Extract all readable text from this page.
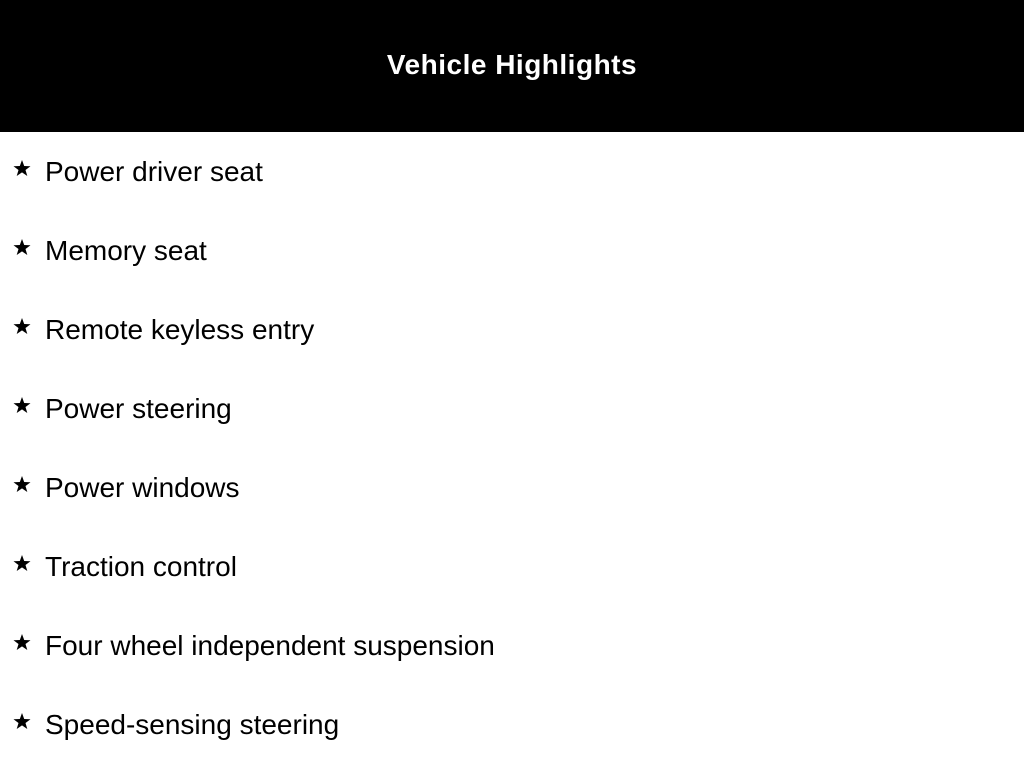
Vehicle Highlights
Power driver seat
Memory seat
Remote keyless entry
Power steering
Power windows
Traction control
Four wheel independent suspension
Speed-sensing steering
